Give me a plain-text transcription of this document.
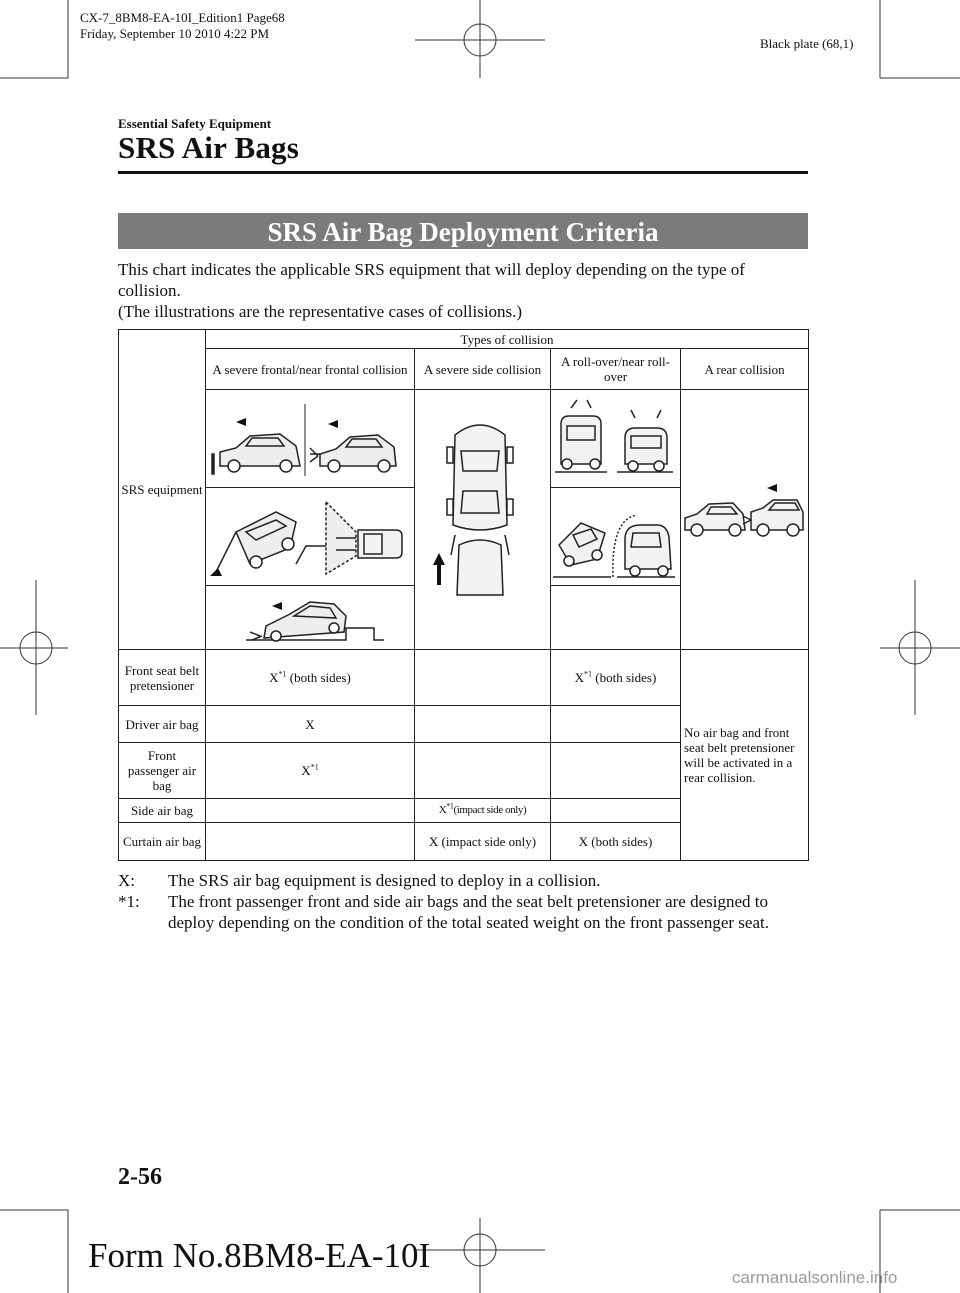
CX-7_8BM8-EA-10I_Edition1 Page68
Friday, September 10 2010 4:22 PM
Black plate (68,1)
Essential Safety Equipment
SRS Air Bags
SRS Air Bag Deployment Criteria

This chart indicates the applicable SRS equipment that will deploy depending on the type of collision.

(The illustrations are the representative cases of collisions.)

SRS equipment	Types of collision			
	A severe frontal/near frontal collision	A severe side collision	A roll-over/near roll-over	A rear collision

Front seat belt pretensioner	$X^{*1}$ (both sides)		$X^{*1}$ (both sides)	No air bag and front seat belt pretensioner will be activated in a rear collision.
Driver air bag	X			
Front passenger air bag	$X^{*1}$		
Side air bag		$X^{*1}(impact$ side only)		
Curtain air bag		X (impact side only)	X (both sides)	
X:	The SRS air bag equipment is designed to deploy in a collision.
*1:	The front passenger front and side air bags and the seat belt pretensioner are designed to deploy depending on the condition of the total seated weight on the front passenger seat.
2-56
Form No.8BM8-EA-10I
carmanualsonline.info
